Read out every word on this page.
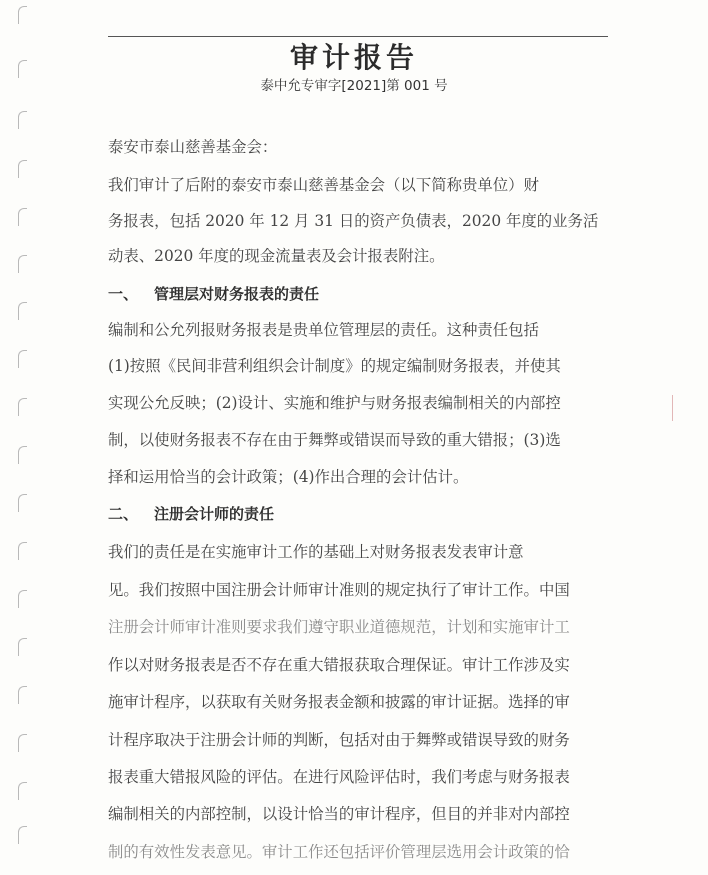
审计报告
泰中允专审字[2021]第 001 号
泰安市泰山慈善基金会：
我们审计了后附的泰安市泰山慈善基金会（以下简称贵单位）财
务报表，包括 2020 年 12 月 31 日的资产负债表，2020 年度的业务活
动表、2020 年度的现金流量表及会计报表附注。
一、 管理层对财务报表的责任
编制和公允列报财务报表是贵单位管理层的责任。这种责任包括
(1)按照《民间非营利组织会计制度》的规定编制财务报表，并使其
实现公允反映；(2)设计、实施和维护与财务报表编制相关的内部控
制，以使财务报表不存在由于舞弊或错误而导致的重大错报；(3)选
择和运用恰当的会计政策；(4)作出合理的会计估计。
二、 注册会计师的责任
我们的责任是在实施审计工作的基础上对财务报表发表审计意
见。我们按照中国注册会计师审计准则的规定执行了审计工作。中国
注册会计师审计准则要求我们遵守职业道德规范，计划和实施审计工
作以对财务报表是否不存在重大错报获取合理保证。审计工作涉及实
施审计程序，以获取有关财务报表金额和披露的审计证据。选择的审
计程序取决于注册会计师的判断，包括对由于舞弊或错误导致的财务
报表重大错报风险的评估。在进行风险评估时，我们考虑与财务报表
编制相关的内部控制，以设计恰当的审计程序，但目的并非对内部控
制的有效性发表意见。审计工作还包括评价管理层选用会计政策的恰
